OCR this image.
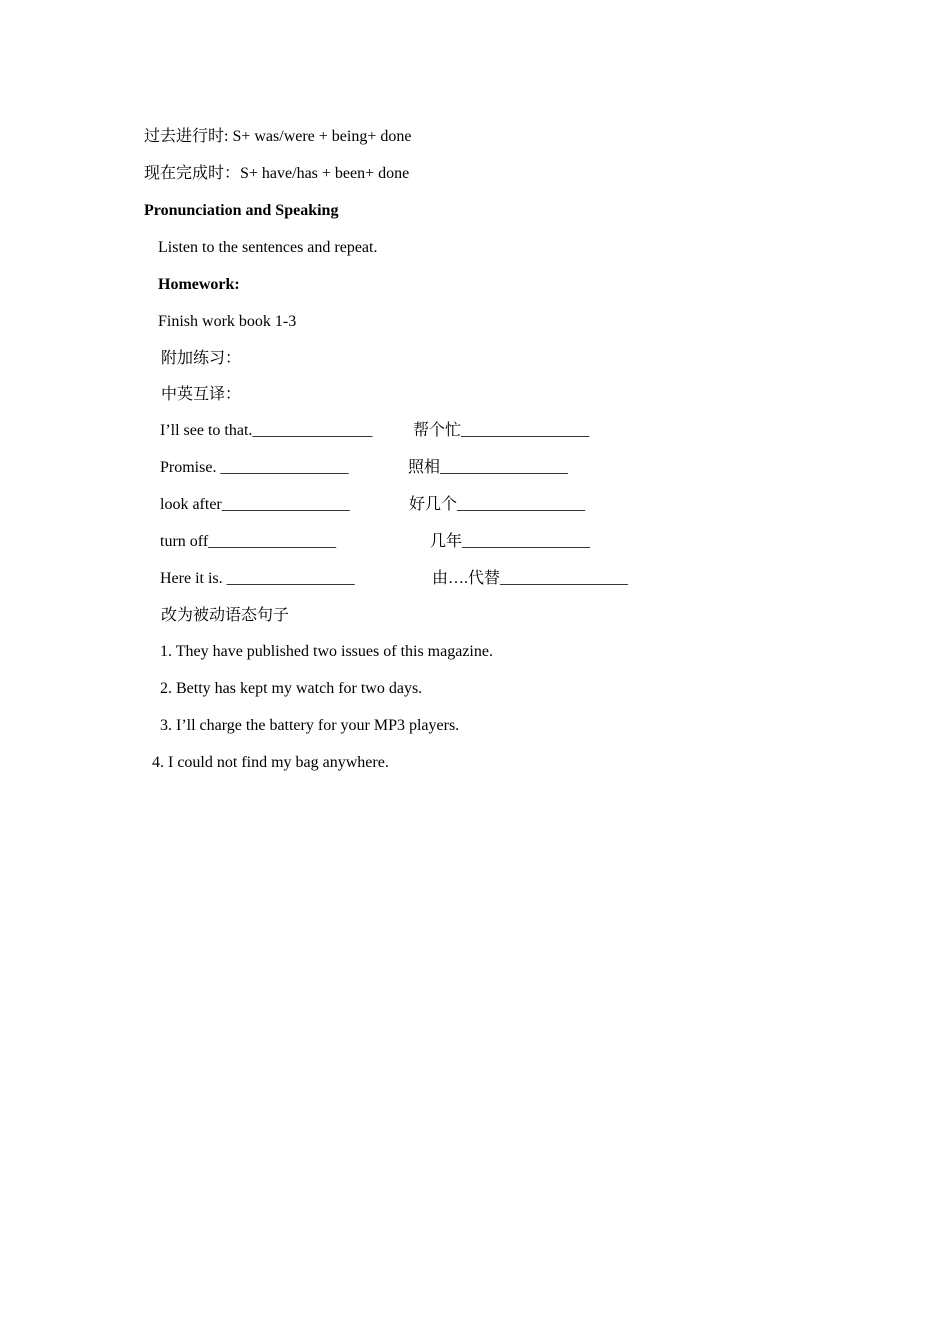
过去进行时: S+ was/were + being+ done
现在完成时：S+ have/has + been+ done
Pronunciation and Speaking
Listen to the sentences and repeat.
Homework:
Finish work book 1-3
附加练习：
中英互译：
I’ll see to that._______________	帮个忙________________
Promise. ________________	照相________________
look after________________	好几个________________
turn off________________	几年________________
Here it is. ________________	由….代替________________
改为被动语态句子
1. They have published two issues of this magazine.
2. Betty has kept my watch for two days.
3. I’ll charge the battery for your MP3 players.
4. I could not find my bag anywhere.
